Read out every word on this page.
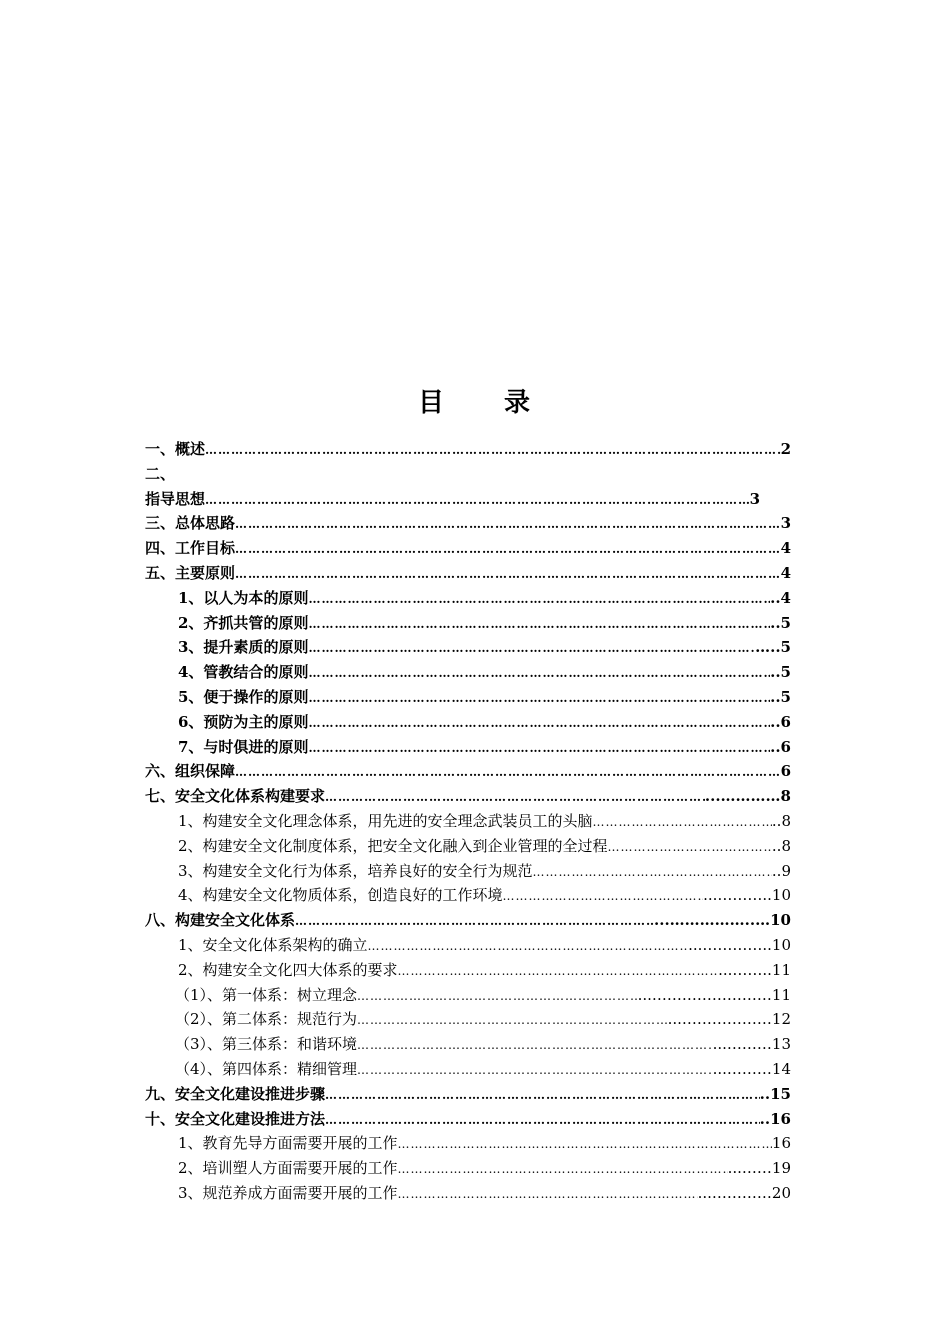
目 录
一、概述 …………………………………………………………………………………………………………………………………………………………………………………………	2
二、
指导思想 …………………………………………………………………………………………………………………………………………………………………………………………	3
三、总体思路 …………………………………………………………………………………………………………………………………………………………………………………………	3
四、工作目标 …………………………………………………………………………………………………………………………………………………………………………………………	4
五、主要原则 …………………………………………………………………………………………………………………………………………………………………………………………	4
1、以人为本的原则 …………………………………………………………………………………………………………………………………………………………………………………………	..4
2、齐抓共管的原则 …………………………………………………………………………………………………………………………………………………………………………………………	..5
3、提升素质的原则 …………………………………………………………………………………………………………………………………………………………………………………………	…..5
4、管教结合的原则 …………………………………………………………………………………………………………………………………………………………………………………………	..5
5、便于操作的原则 …………………………………………………………………………………………………………………………………………………………………………………………	..5
6、预防为主的原则 …………………………………………………………………………………………………………………………………………………………………………………………	..6
7、与时俱进的原则 …………………………………………………………………………………………………………………………………………………………………………………………	..6
六、组织保障 …………………………………………………………………………………………………………………………………………………………………………………………	6
七、安全文化体系构建要求 …………………………………………………………………………………………………………………………………………………………………………………………	...…………8
1、构建安全文化理念体系，用先进的安全理念武装员工的头脑 …………………………………………………………………………………………………………………………………………………………………………………………	..8
2、构建安全文化制度体系，把安全文化融入到企业管理的全过程 …………………………………………………………………………………………………………………………………………………………………………………………	..8
3、构建安全文化行为体系，培养良好的安全行为规范 …………………………………………………………………………………………………………………………………………………………………………………………	..9
4、构建安全文化物质体系，创造良好的工作环境 …………………………………………………………………………………………………………………………………………………………………………………………	...………..10
八、构建安全文化体系 …………………………………………………………………………………………………………………………………………………………………………………………	...……………..…10
1、安全文化体系架构的确立 …………………………………………………………………………………………………………………………………………………………………………………………	...…………..10
2、构建安全文化四大体系的要求 …………………………………………………………………………………………………………………………………………………………………………………………	...……..11
（1）、第一体系：树立理念 …………………………………………………………………………………………………………………………………………………………………………………………	...……………………11
（2）、第二体系：规范行为 …………………………………………………………………………………………………………………………………………………………………………………………	...………………12
（3）、第三体系：和谐环境 …………………………………………………………………………………………………………………………………………………………………………………………	...………13
（4）、第四体系：精细管理 …………………………………………………………………………………………………………………………………………………………………………………………	...………14
九、安全文化建设推进步骤 …………………………………………………………………………………………………………………………………………………………………………………………	..15
十、安全文化建设推进方法 …………………………………………………………………………………………………………………………………………………………………………………………	..16
1、教育先导方面需要开展的工作 …………………………………………………………………………………………………………………………………………………………………………………………	16
2、培训塑人方面需要开展的工作 …………………………………………………………………………………………………………………………………………………………………………………………	...……19
3、规范养成方面需要开展的工作 …………………………………………………………………………………………………………………………………………………………………………………………	...…………20
